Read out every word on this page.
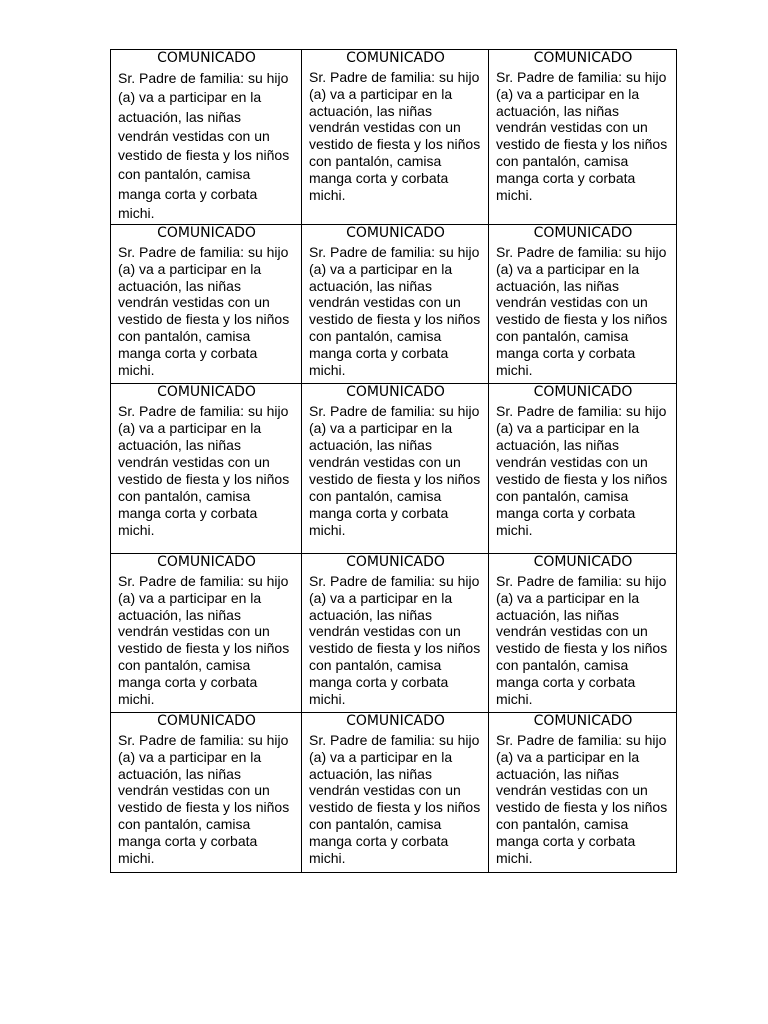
COMUNICADO
Sr. Padre de familia: su hijo (a) va a participar en la actuación, las niñas vendrán vestidas con un vestido de fiesta y los niños con pantalón, camisa manga corta y corbata michi.	COMUNICADO
Sr. Padre de familia: su hijo (a) va a participar en la actuación, las niñas vendrán vestidas con un vestido de fiesta y los niños con pantalón, camisa manga corta y corbata michi.	COMUNICADO
Sr. Padre de familia: su hijo (a) va a participar en la actuación, las niñas vendrán vestidas con un vestido de fiesta y los niños con pantalón, camisa manga corta y corbata michi.

COMUNICADO
Sr. Padre de familia: su hijo (a) va a participar en la actuación, las niñas vendrán vestidas con un vestido de fiesta y los niños con pantalón, camisa manga corta y corbata michi.	COMUNICADO
Sr. Padre de familia: su hijo (a) va a participar en la actuación, las niñas vendrán vestidas con un vestido de fiesta y los niños con pantalón, camisa manga corta y corbata michi.	COMUNICADO
Sr. Padre de familia: su hijo (a) va a participar en la actuación, las niñas vendrán vestidas con un vestido de fiesta y los niños con pantalón, camisa manga corta y corbata michi.

COMUNICADO
Sr. Padre de familia: su hijo (a) va a participar en la actuación, las niñas vendrán vestidas con un vestido de fiesta y los niños con pantalón, camisa manga corta y corbata michi.	COMUNICADO
Sr. Padre de familia: su hijo (a) va a participar en la actuación, las niñas vendrán vestidas con un vestido de fiesta y los niños con pantalón, camisa manga corta y corbata michi.	COMUNICADO
Sr. Padre de familia: su hijo (a) va a participar en la actuación, las niñas vendrán vestidas con un vestido de fiesta y los niños con pantalón, camisa manga corta y corbata michi.

COMUNICADO
Sr. Padre de familia: su hijo (a) va a participar en la actuación, las niñas vendrán vestidas con un vestido de fiesta y los niños con pantalón, camisa manga corta y corbata michi.	COMUNICADO
Sr. Padre de familia: su hijo (a) va a participar en la actuación, las niñas vendrán vestidas con un vestido de fiesta y los niños con pantalón, camisa manga corta y corbata michi.	COMUNICADO
Sr. Padre de familia: su hijo (a) va a participar en la actuación, las niñas vendrán vestidas con un vestido de fiesta y los niños con pantalón, camisa manga corta y corbata michi.

COMUNICADO
Sr. Padre de familia: su hijo (a) va a participar en la actuación, las niñas vendrán vestidas con un vestido de fiesta y los niños con pantalón, camisa manga corta y corbata michi.	COMUNICADO
Sr. Padre de familia: su hijo (a) va a participar en la actuación, las niñas vendrán vestidas con un vestido de fiesta y los niños con pantalón, camisa manga corta y corbata michi.	COMUNICADO
Sr. Padre de familia: su hijo (a) va a participar en la actuación, las niñas vendrán vestidas con un vestido de fiesta y los niños con pantalón, camisa manga corta y corbata michi.
